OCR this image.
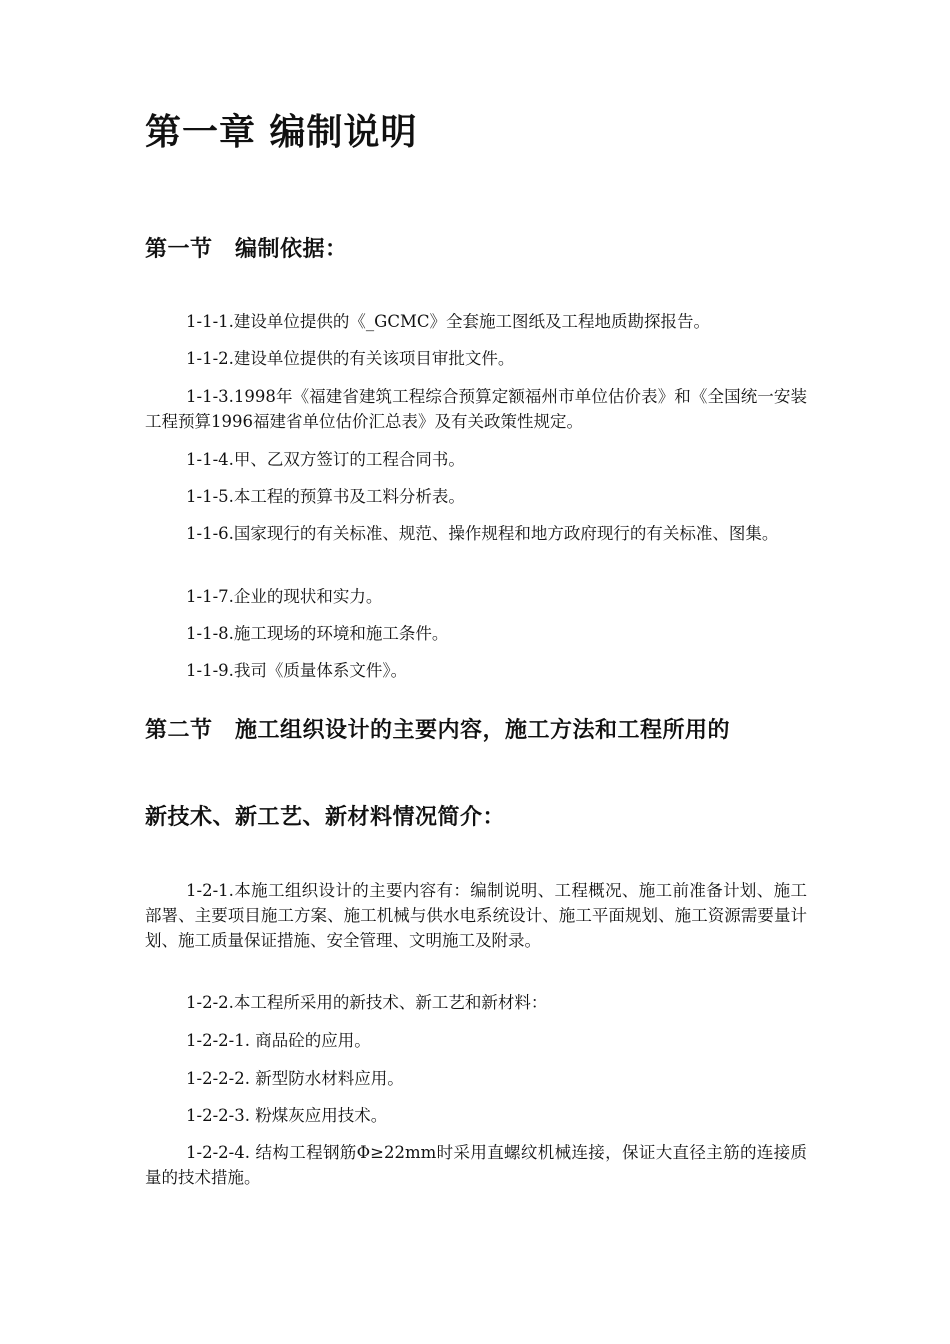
第一章 编制说明
第一节　编制依据：

1-1-1.建设单位提供的《_GCMC》全套施工图纸及工程地质勘探报告。

1-1-2.建设单位提供的有关该项目审批文件。

1-1-3.1998年《福建省建筑工程综合预算定额福州市单位估价表》和《全国统一安装工程预算1996福建省单位估价汇总表》及有关政策性规定。

1-1-4.甲、乙双方签订的工程合同书。

1-1-5.本工程的预算书及工料分析表。

1-1-6.国家现行的有关标准、规范、操作规程和地方政府现行的有关标准、图集。

1-1-7.企业的现状和实力。

1-1-8.施工现场的环境和施工条件。

1-1-9.我司《质量体系文件》。

第二节　施工组织设计的主要内容，施工方法和工程所用的
新技术、新工艺、新材料情况简介：

1-2-1.本施工组织设计的主要内容有：编制说明、工程概况、施工前准备计划、施工部署、主要项目施工方案、施工机械与供水电系统设计、施工平面规划、施工资源需要量计划、施工质量保证措施、安全管理、文明施工及附录。

1-2-2.本工程所采用的新技术、新工艺和新材料：

1-2-2-1. 商品砼的应用。

1-2-2-2. 新型防水材料应用。

1-2-2-3. 粉煤灰应用技术。

1-2-2-4. 结构工程钢筋Φ≥22mm时采用直螺纹机械连接，保证大直径主筋的连接质量的技术措施。
